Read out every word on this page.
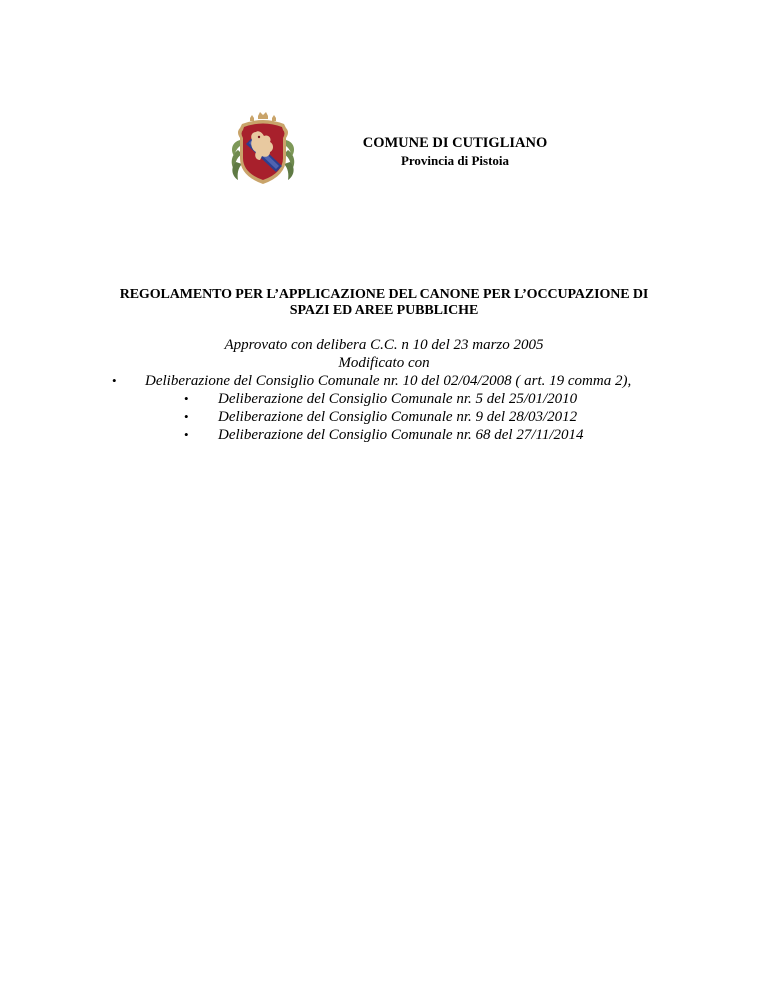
COMUNE DI CUTIGLIANO
Provincia di Pistoia
REGOLAMENTO PER L’APPLICAZIONE DEL CANONE PER L’OCCUPAZIONE DI
SPAZI ED AREE PUBBLICHE
Approvato con delibera C.C. n 10 del 23 marzo 2005
Modificato con
• Deliberazione del Consiglio Comunale nr. 10 del 02/04/2008 ( art. 19 comma 2),
• Deliberazione del Consiglio Comunale nr. 5 del 25/01/2010
• Deliberazione del Consiglio Comunale nr. 9 del 28/03/2012
• Deliberazione del Consiglio Comunale nr. 68 del 27/11/2014
